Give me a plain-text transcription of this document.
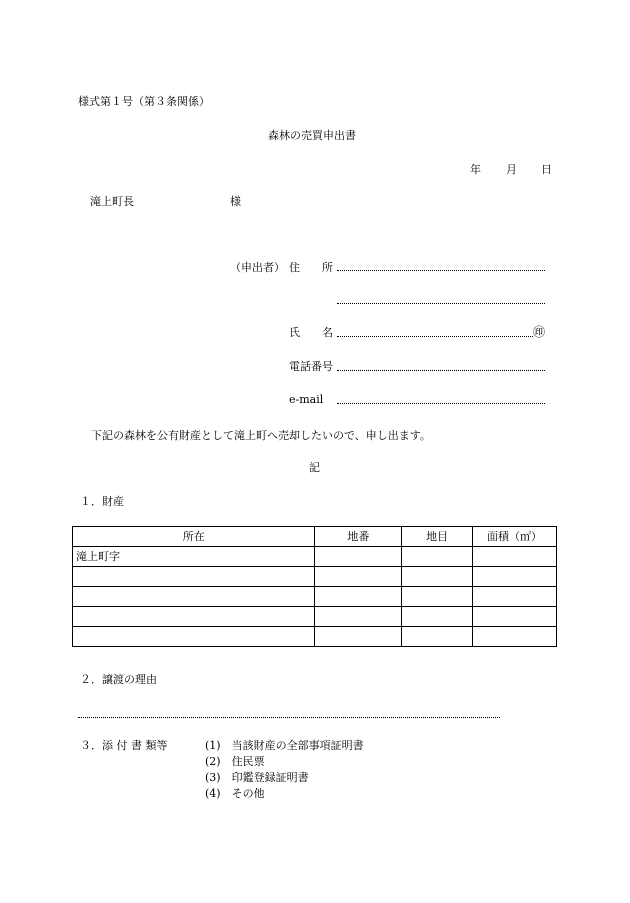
様式第１号（第３条関係）
森林の売買申出書
年 月 日
滝上町長	様
（申出者） 住　　所
氏　　名	㊞
電話番号
e-mail
下記の森林を公有財産として滝上町へ売却したいので、申し出ます。
記
１．財産
所在	地番	地目	面積（㎡）
滝上町字			

２．譲渡の理由
３．添 付 書 類等	(1)　当該財産の全部事項証明書
(2)　住民票
(3)　印鑑登録証明書
(4)　その他
